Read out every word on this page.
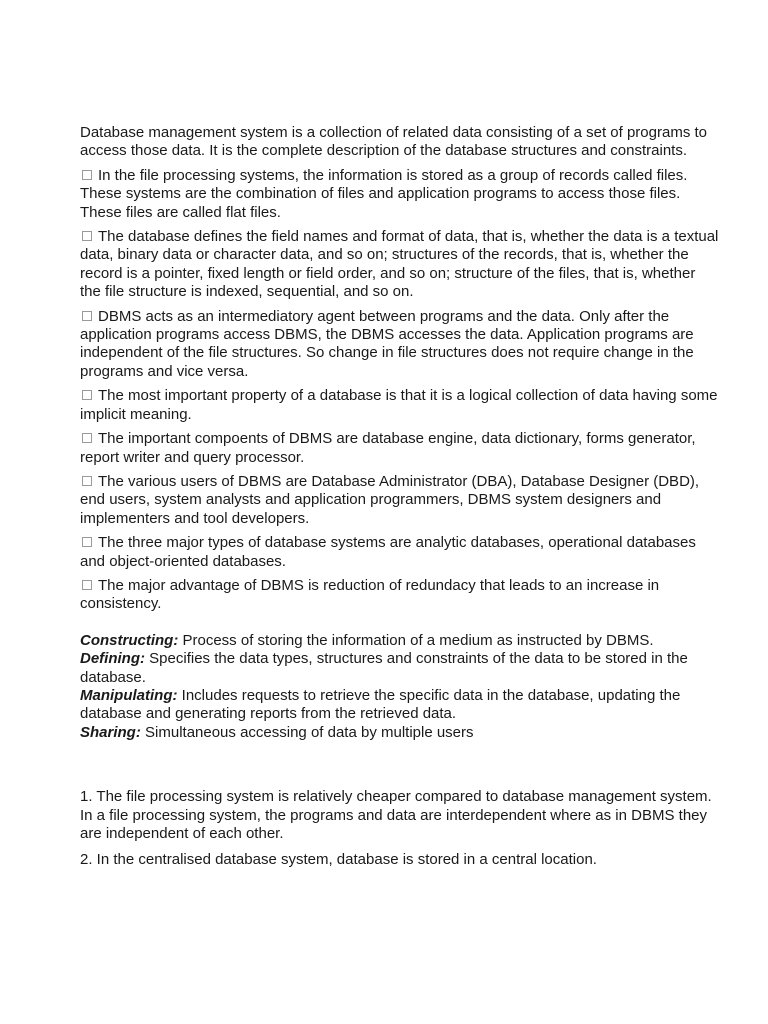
Database management system is a collection of related data consisting of a set of programs to access those data. It is the complete description of the database structures and constraints.

In the file processing systems, the information is stored as a group of records called files. These systems are the combination of files and application programs to access those files. These files are called flat files.

The database defines the field names and format of data, that is, whether the data is a textual data, binary data or character data, and so on; structures of the records, that is, whether the record is a pointer, fixed length or field order, and so on; structure of the files, that is, whether the file structure is indexed, sequential, and so on.

DBMS acts as an intermediatory agent between programs and the data. Only after the application programs access DBMS, the DBMS accesses the data. Application programs are independent of the file structures. So change in file structures does not require change in the programs and vice versa.

The most important property of a database is that it is a logical collection of data having some implicit meaning.

The important compoents of DBMS are database engine, data dictionary, forms generator, report writer and query processor.

The various users of DBMS are Database Administrator (DBA), Database Designer (DBD), end users, system analysts and application programmers, DBMS system designers and implementers and tool developers.

The three major types of database systems are analytic databases, operational databases and object-oriented databases.

The major advantage of DBMS is reduction of redundacy that leads to an increase in consistency.

Constructing: Process of storing the information of a medium as instructed by DBMS.

Defining: Specifies the data types, structures and constraints of the data to be stored in the database.

Manipulating: Includes requests to retrieve the specific data in the database, updating the database and generating reports from the retrieved data.

Sharing: Simultaneous accessing of data by multiple users

1. The file processing system is relatively cheaper compared to database management system. In a file processing system, the programs and data are interdependent where as in DBMS they are independent of each other.

2. In the centralised database system, database is stored in a central location.
